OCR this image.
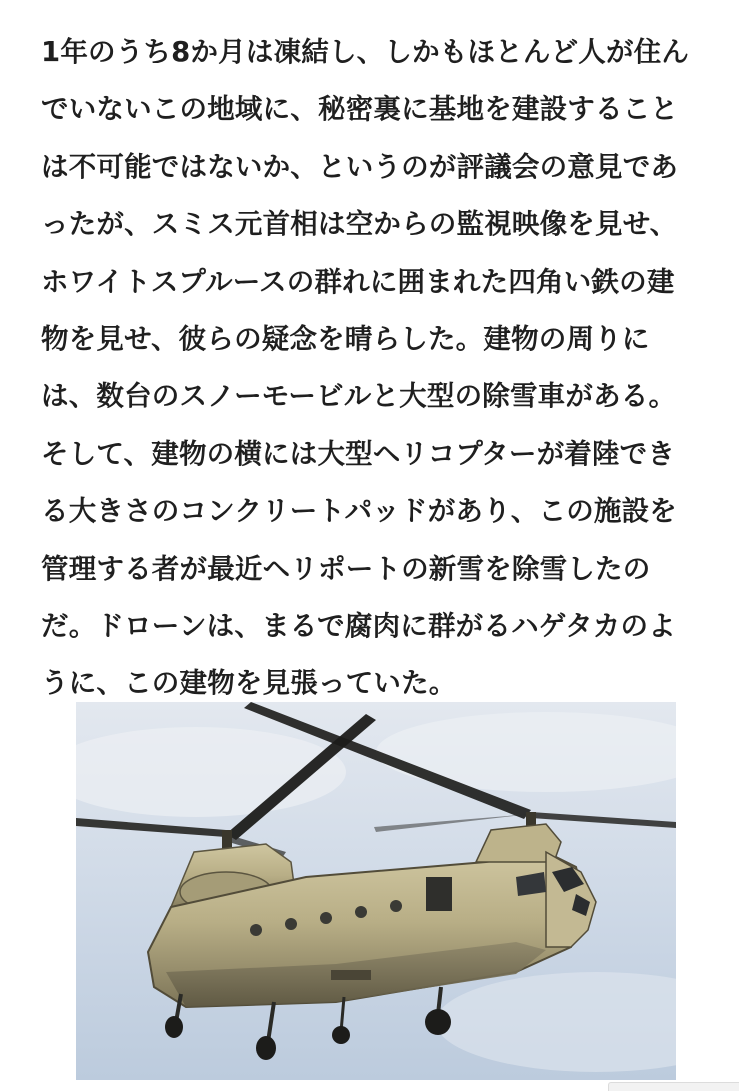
1年のうち8か月は凍結し、しかもほとんど人が住ん
でいないこの地域に、秘密裏に基地を建設すること
は不可能ではないか、というのが評議会の意見であ
ったが、スミス元首相は空からの監視映像を見せ、
ホワイトスプルースの群れに囲まれた四角い鉄の建
物を見せ、彼らの疑念を晴らした。建物の周りに
は、数台のスノーモービルと大型の除雪車がある。
そして、建物の横には大型ヘリコプターが着陸でき
る大きさのコンクリートパッドがあり、この施設を
管理する者が最近ヘリポートの新雪を除雪したの
だ。ドローンは、まるで腐肉に群がるハゲタカのよ
うに、この建物を見張っていた。
